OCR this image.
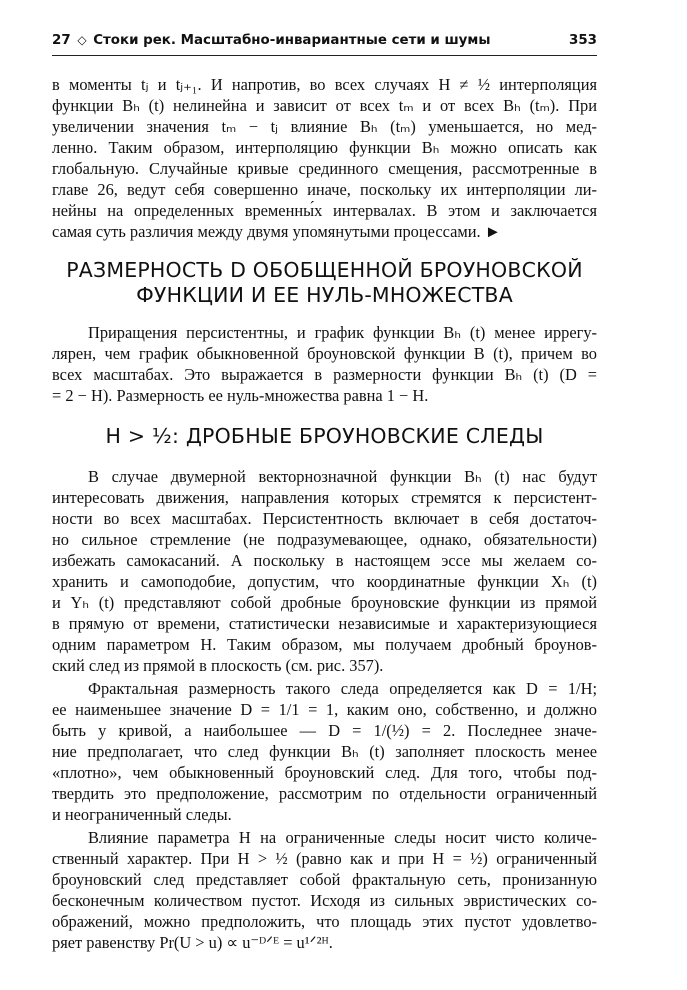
27 ◇ Стоки рек. Масштабно-инвариантные сети и шумы	353

в моменты tⱼ и tⱼ₊₁. И напротив, во всех случаях H ≠ ½ интерполяция

функции Bₕ (t) нелинейна и зависит от всех tₘ и от всех Bₕ (tₘ). При

увеличении значения tₘ − tⱼ влияние Bₕ (tₘ) уменьшается, но мед-

ленно. Таким образом, интерполяцию функции Bₕ можно описать как

глобальную. Случайные кривые срединного смещения, рассмотренные в

главе 26, ведут себя совершенно иначе, поскольку их интерполяции ли-

нейны на определенных временны́х интервалах. В этом и заключается

самая суть различия между двумя упомянутыми процессами. ►

РАЗМЕРНОСТЬ D ОБОБЩЕННОЙ БРОУНОВСКОЙ
ФУНКЦИИ И ЕЕ НУЛЬ-МНОЖЕСТВА

Приращения персистентны, и график функции Bₕ (t) менее иррегу-

лярен, чем график обыкновенной броуновской функции B (t), причем во

всех масштабах. Это выражается в размерности функции Bₕ (t) (D =

= 2 − H). Размерность ее нуль-множества равна 1 − H.

H > ½: ДРОБНЫЕ БРОУНОВСКИЕ СЛЕДЫ

В случае двумерной векторнозначной функции Bₕ (t) нас будут

интересовать движения, направления которых стремятся к персистент-

ности во всех масштабах. Персистентность включает в себя достаточ-

но сильное стремление (не подразумевающее, однако, обязательности)

избежать самокасаний. А поскольку в настоящем эссе мы желаем со-

хранить и самоподобие, допустим, что координатные функции Xₕ (t)

и Yₕ (t) представляют собой дробные броуновские функции из прямой

в прямую от времени, статистически независимые и характеризующиеся

одним параметром H. Таким образом, мы получаем дробный броунов-

ский след из прямой в плоскость (см. рис. 357).

Фрактальная размерность такого следа определяется как D = 1/H;

ее наименьшее значение D = 1/1 = 1, каким оно, собственно, и должно

быть у кривой, а наибольшее — D = 1/(½) = 2. Последнее значе-

ние предполагает, что след функции Bₕ (t) заполняет плоскость менее

«плотно», чем обыкновенный броуновский след. Для того, чтобы под-

твердить это предположение, рассмотрим по отдельности ограниченный

и неограниченный следы.

Влияние параметра H на ограниченные следы носит чисто количе-

ственный характер. При H > ½ (равно как и при H = ½) ограниченный

броуновский след представляет собой фрактальную сеть, пронизанную

бесконечным количеством пустот. Исходя из сильных эвристических со-

ображений, можно предположить, что площадь этих пустот удовлетво-

ряет равенству Pr(U > u) ∝ u⁻ᴰᐟᴱ = u¹ᐟ²ᴴ.
